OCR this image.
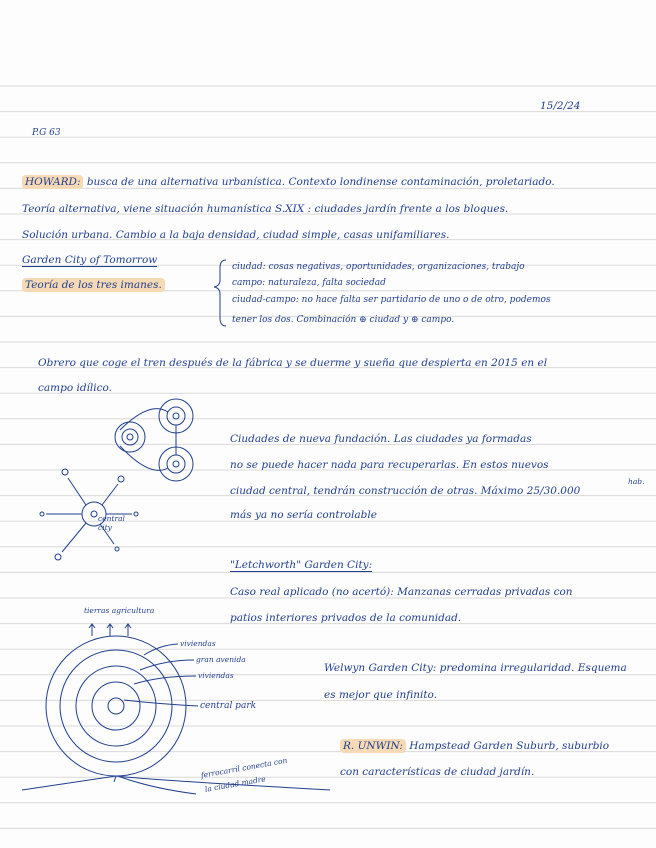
15/2/24
P.G 63
HOWARD: busca de una alternativa urbanística. Contexto londinense contaminación, proletariado.
Teoría alternativa, viene situación humanística S.XIX : ciudades jardín frente a los bloques.
Solución urbana. Cambio a la baja densidad, ciudad simple, casas unifamiliares.
Garden City of Tomorrow
Teoría de los tres imanes.
ciudad: cosas negativas, oportunidades, organizaciones, trabajo
campo: naturaleza, falta sociedad
ciudad-campo: no hace falta ser partidario de uno o de otro, podemos
tener los dos. Combinación ⊕ ciudad y ⊕ campo.
Obrero que coge el tren después de la fábrica y se duerme y sueña que despierta en 2015 en el
campo idílico.
Ciudades de nueva fundación. Las ciudades ya formadas
no se puede hacer nada para recuperarlas. En estos nuevos
hab.
ciudad central, tendrán construcción de otras. Máximo 25/30.000
más ya no sería controlable
"Letchworth" Garden City:
Caso real aplicado (no acertó): Manzanas cerradas privadas con
patios interiores privados de la comunidad.
Welwyn Garden City: predomina irregularidad. Esquema
es mejor que infinito.
R. UNWIN: Hampstead Garden Suburb, suburbio
con características de ciudad jardín.
central city
tierras agricultura
viviendas
gran avenida
viviendas
central park
ferrocarril conecta con
la ciudad madre
